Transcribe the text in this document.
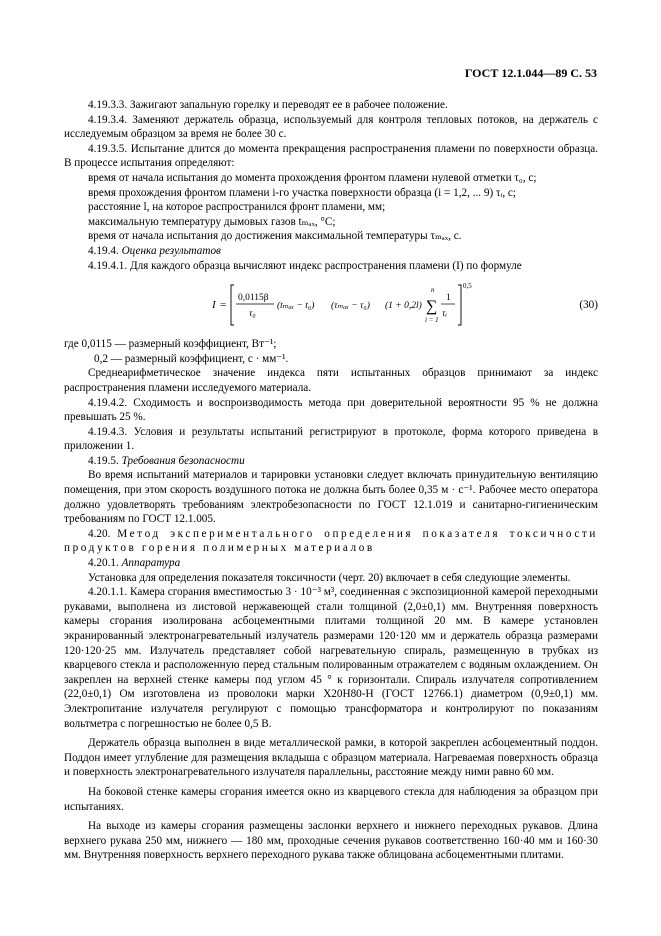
ГОСТ 12.1.044—89 С. 53

4.19.3.3. Зажигают запальную горелку и переводят ее в рабочее положение.

4.19.3.4. Заменяют держатель образца, используемый для контроля тепловых потоков, на держатель с исследуемым образцом за время не более 30 с.

4.19.3.5. Испытание длится до момента прекращения распространения пламени по поверхности образца. В процессе испытания определяют:

время от начала испытания до момента прохождения фронтом пламени нулевой отметки τ₀, с;

время прохождения фронтом пламени i-го участка поверхности образца (i = 1,2, ... 9) τᵢ, с;

расстояние l, на которое распространился фронт пламени, мм;

максимальную температуру дымовых газов tₘₐₓ, °С;

время от начала испытания до достижения максимальной температуры τₘₐₓ, с.

4.19.4. Оценка результатов

4.19.4.1. Для каждого образца вычисляют индекс распространения пламени (I) по формуле

I =
0,0115β
τ₀
(tₘₐₓ − t₀) (τₘₐₓ − τ₀) (1 + 0,2l)
n
∑
i = 1
1
τᵢ
0,5
(30)

где 0,0115 — размерный коэффициент, Вт⁻¹;

0,2 — размерный коэффициент, с · мм⁻¹.

Среднеарифметическое значение индекса пяти испытанных образцов принимают за индекс распространения пламени исследуемого материала.

4.19.4.2. Сходимость и воспроизводимость метода при доверительной вероятности 95 % не должна превышать 25 %.

4.19.4.3. Условия и результаты испытаний регистрируют в протоколе, форма которого приведена в приложении 1.

4.19.5. Требования безопасности

Во время испытаний материалов и тарировки установки следует включать принудительную вентиляцию помещения, при этом скорость воздушного потока не должна быть более 0,35 м · с⁻¹. Рабочее место оператора должно удовлетворять требованиям электробезопасности по ГОСТ 12.1.019 и санитарно-гигиеническим требованиям по ГОСТ 12.1.005.

4.20. Метод экспериментального определения показателя токсичности продуктов горения полимерных материалов

4.20.1. Аппаратура

Установка для определения показателя токсичности (черт. 20) включает в себя следующие элементы.

4.20.1.1. Камера сгорания вместимостью 3 · 10⁻³ м³, соединенная с экспозиционной камерой переходными рукавами, выполнена из листовой нержавеющей стали толщиной (2,0±0,1) мм. Внутренняя поверхность камеры сгорания изолирована асбоцементными плитами толщиной 20 мм. В камере установлен экранированный электронагревательный излучатель размерами 120·120 мм и держатель образца размерами 120·120·25 мм. Излучатель представляет собой нагревательную спираль, размещенную в трубках из кварцевого стекла и расположенную перед стальным полированным отражателем с водяным охлаждением. Он закреплен на верхней стенке камеры под углом 45 ° к горизонтали. Спираль излучателя сопротивлением (22,0±0,1) Ом изготовлена из проволоки марки Х20Н80-Н (ГОСТ 12766.1) диаметром (0,9±0,1) мм. Электропитание излучателя регулируют с помощью трансформатора и контролируют по показаниям вольтметра с погрешностью не более 0,5 В.

Держатель образца выполнен в виде металлической рамки, в которой закреплен асбоцементный поддон. Поддон имеет углубление для размещения вкладыша с образцом материала. Нагреваемая поверхность образца и поверхность электронагревательного излучателя параллельны, расстояние между ними равно 60 мм.

На боковой стенке камеры сгорания имеется окно из кварцевого стекла для наблюдения за образцом при испытаниях.

На выходе из камеры сгорания размещены заслонки верхнего и нижнего переходных рукавов. Длина верхнего рукава 250 мм, нижнего — 180 мм, проходные сечения рукавов соответственно 160·40 мм и 160·30 мм. Внутренняя поверхность верхнего переходного рукава также облицована асбоцементными плитами.
